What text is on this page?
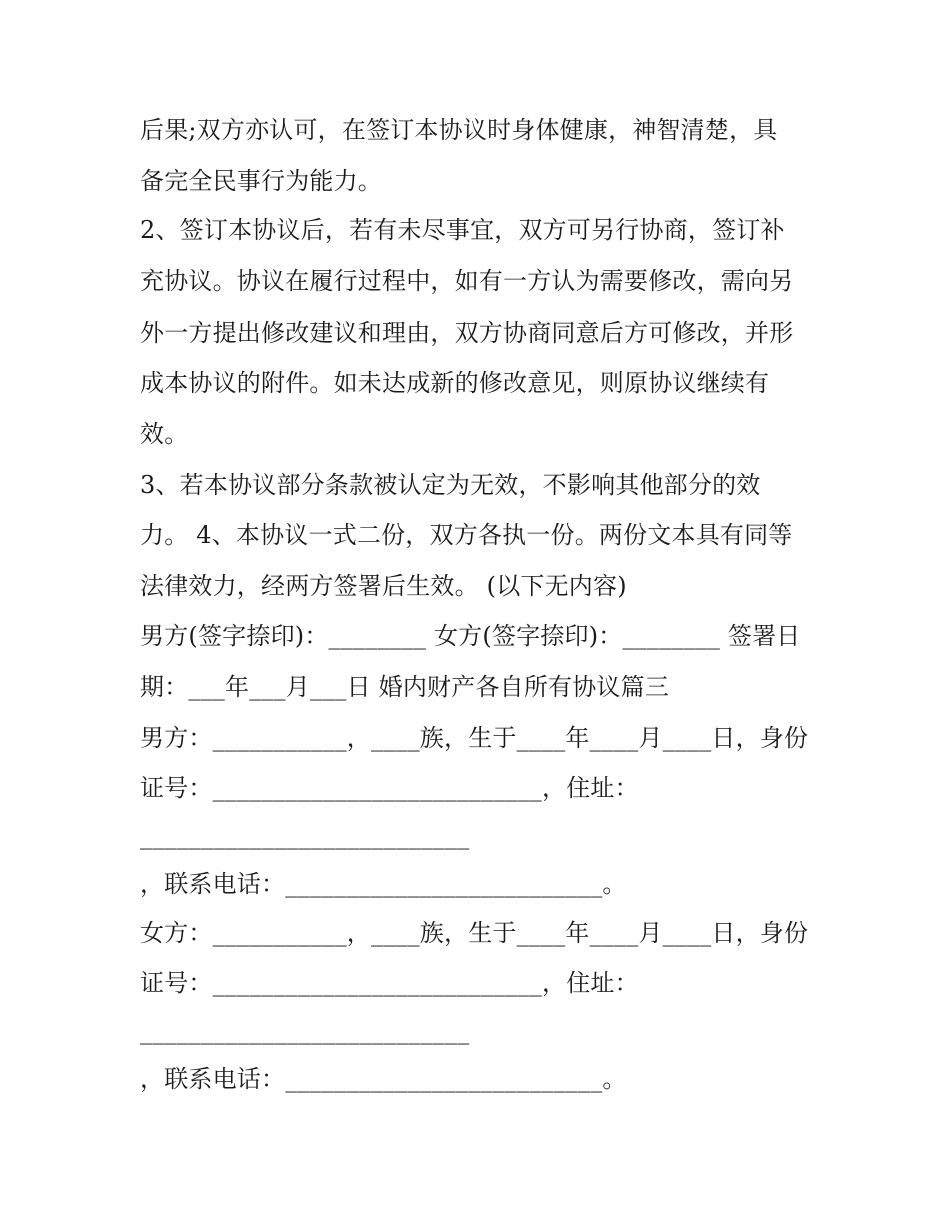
后果;双方亦认可，在签订本协议时身体健康，神智清楚，具

备完全民事行为能力。

2、签订本协议后，若有未尽事宜，双方可另行协商，签订补

充协议。协议在履行过程中，如有一方认为需要修改，需向另

外一方提出修改建议和理由，双方协商同意后方可修改，并形

成本协议的附件。如未达成新的修改意见，则原协议继续有

效。

3、若本协议部分条款被认定为无效，不影响其他部分的效

力。 4、本协议一式二份，双方各执一份。两份文本具有同等

法律效力，经两方签署后生效。 (以下无内容)

男方(签字捺印)：________ 女方(签字捺印)：________ 签署日

期：___年___月___日 婚内财产各自所有协议篇三

男方：___________，____族，生于____年____月____日，身份

证号：___________________________，住址：

___________________________

，联系电话：__________________________。

女方：___________，____族，生于____年____月____日，身份

证号：___________________________，住址：

___________________________

，联系电话：__________________________。
